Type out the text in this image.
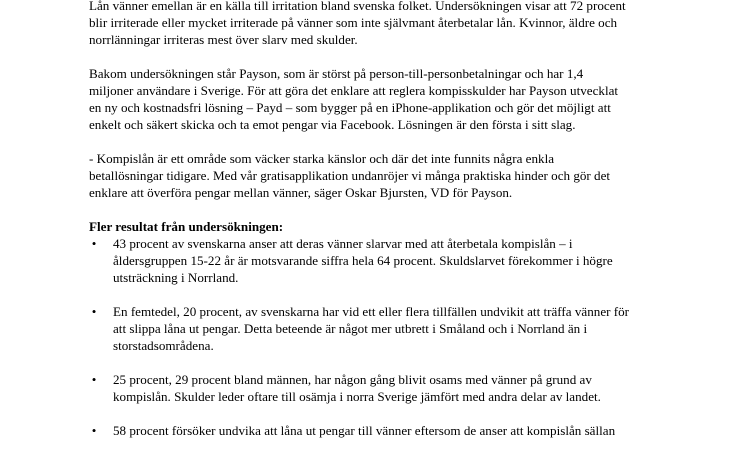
Lån vänner emellan är en källa till irritation bland svenska folket. Undersökningen visar att 72 procent
blir irriterade eller mycket irriterade på vänner som inte självmant återbetalar lån. Kvinnor, äldre och
norrlänningar irriteras mest över slarv med skulder.

Bakom undersökningen står Payson, som är störst på person-till-personbetalningar och har 1,4
miljoner användare i Sverige. För att göra det enklare att reglera kompisskulder har Payson utvecklat
en ny och kostnadsfri lösning – Payd – som bygger på en iPhone-applikation och gör det möjligt att
enkelt och säkert skicka och ta emot pengar via Facebook. Lösningen är den första i sitt slag.

- Kompislån är ett område som väcker starka känslor och där det inte funnits några enkla
betallösningar tidigare. Med vår gratisapplikation undanröjer vi många praktiska hinder och gör det
enklare att överföra pengar mellan vänner, säger Oskar Bjursten, VD för Payson.

Fler resultat från undersökningen:

• 43 procent av svenskarna anser att deras vänner slarvar med att återbetala kompislån – i
åldersgruppen 15-22 år är motsvarande siffra hela 64 procent. Skuldslarvet förekommer i högre
utsträckning i Norrland.
• En femtedel, 20 procent, av svenskarna har vid ett eller flera tillfällen undvikit att träffa vänner för
att slippa låna ut pengar. Detta beteende är något mer utbrett i Småland och i Norrland än i
storstadsområdena.
• 25 procent, 29 procent bland männen, har någon gång blivit osams med vänner på grund av
kompislån. Skulder leder oftare till osämja i norra Sverige jämfört med andra delar av landet.
• 58 procent försöker undvika att låna ut pengar till vänner eftersom de anser att kompislån sällan
